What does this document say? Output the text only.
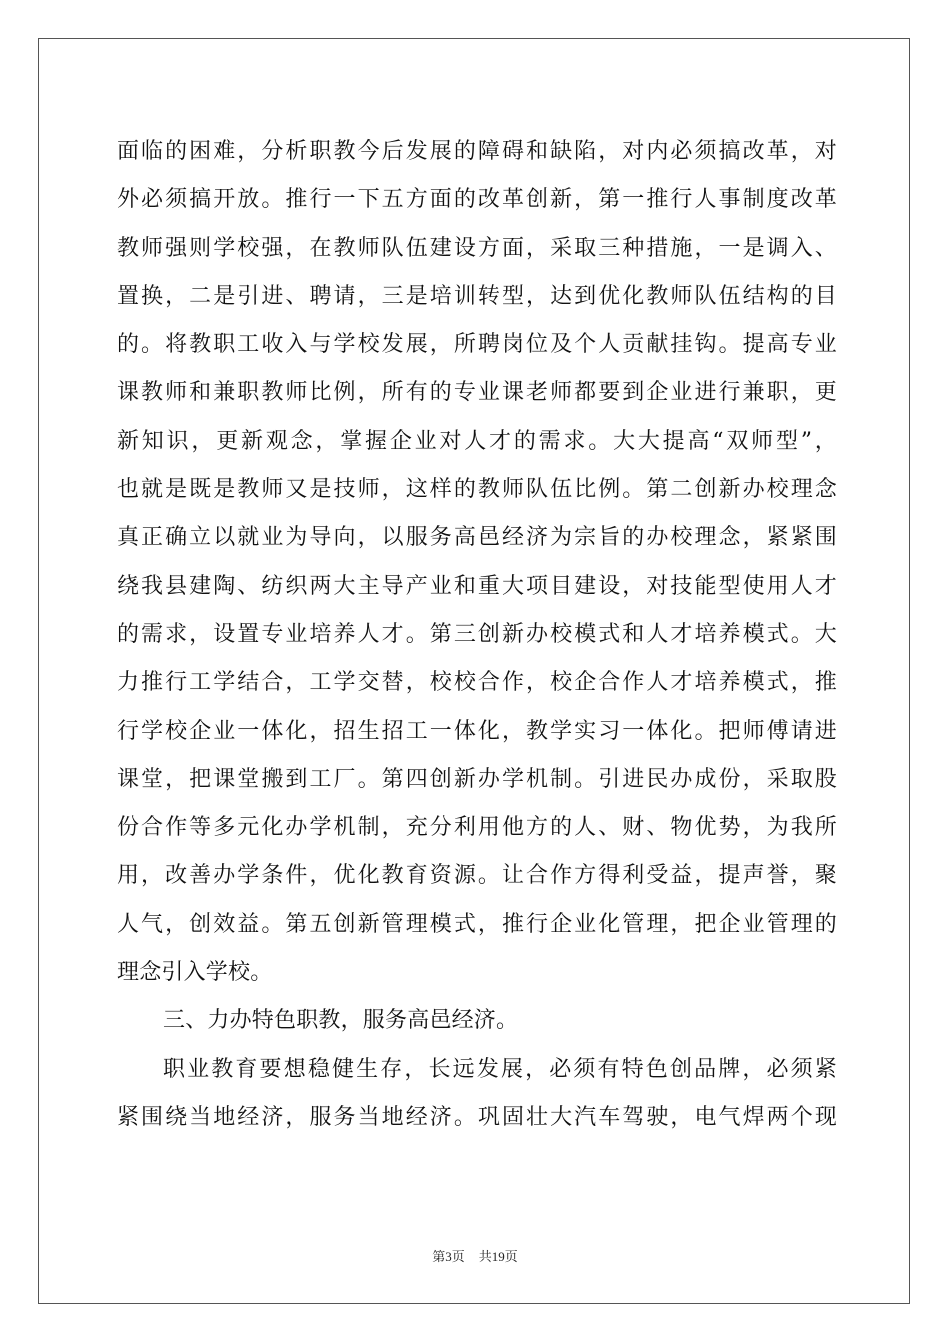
面临的困难，分析职教今后发展的障碍和缺陷，对内必须搞改革，对
外必须搞开放。推行一下五方面的改革创新，第一推行人事制度改革
教师强则学校强，在教师队伍建设方面，采取三种措施，一是调入、
置换，二是引进、聘请，三是培训转型，达到优化教师队伍结构的目
的。将教职工收入与学校发展，所聘岗位及个人贡献挂钩。提高专业
课教师和兼职教师比例，所有的专业课老师都要到企业进行兼职，更
新知识，更新观念，掌握企业对人才的需求。大大提高“双师型”，
也就是既是教师又是技师，这样的教师队伍比例。第二创新办校理念
真正确立以就业为导向，以服务高邑经济为宗旨的办校理念，紧紧围
绕我县建陶、纺织两大主导产业和重大项目建设，对技能型使用人才
的需求，设置专业培养人才。第三创新办校模式和人才培养模式。大
力推行工学结合，工学交替，校校合作，校企合作人才培养模式，推
行学校企业一体化，招生招工一体化，教学实习一体化。把师傅请进
课堂，把课堂搬到工厂。第四创新办学机制。引进民办成份，采取股
份合作等多元化办学机制，充分利用他方的人、财、物优势，为我所
用，改善办学条件，优化教育资源。让合作方得利受益，提声誉，聚
人气，创效益。第五创新管理模式，推行企业化管理，把企业管理的
理念引入学校。
三、力办特色职教，服务高邑经济。
职业教育要想稳健生存，长远发展，必须有特色创品牌，必须紧
紧围绕当地经济，服务当地经济。巩固壮大汽车驾驶，电气焊两个现
第3页 共19页
